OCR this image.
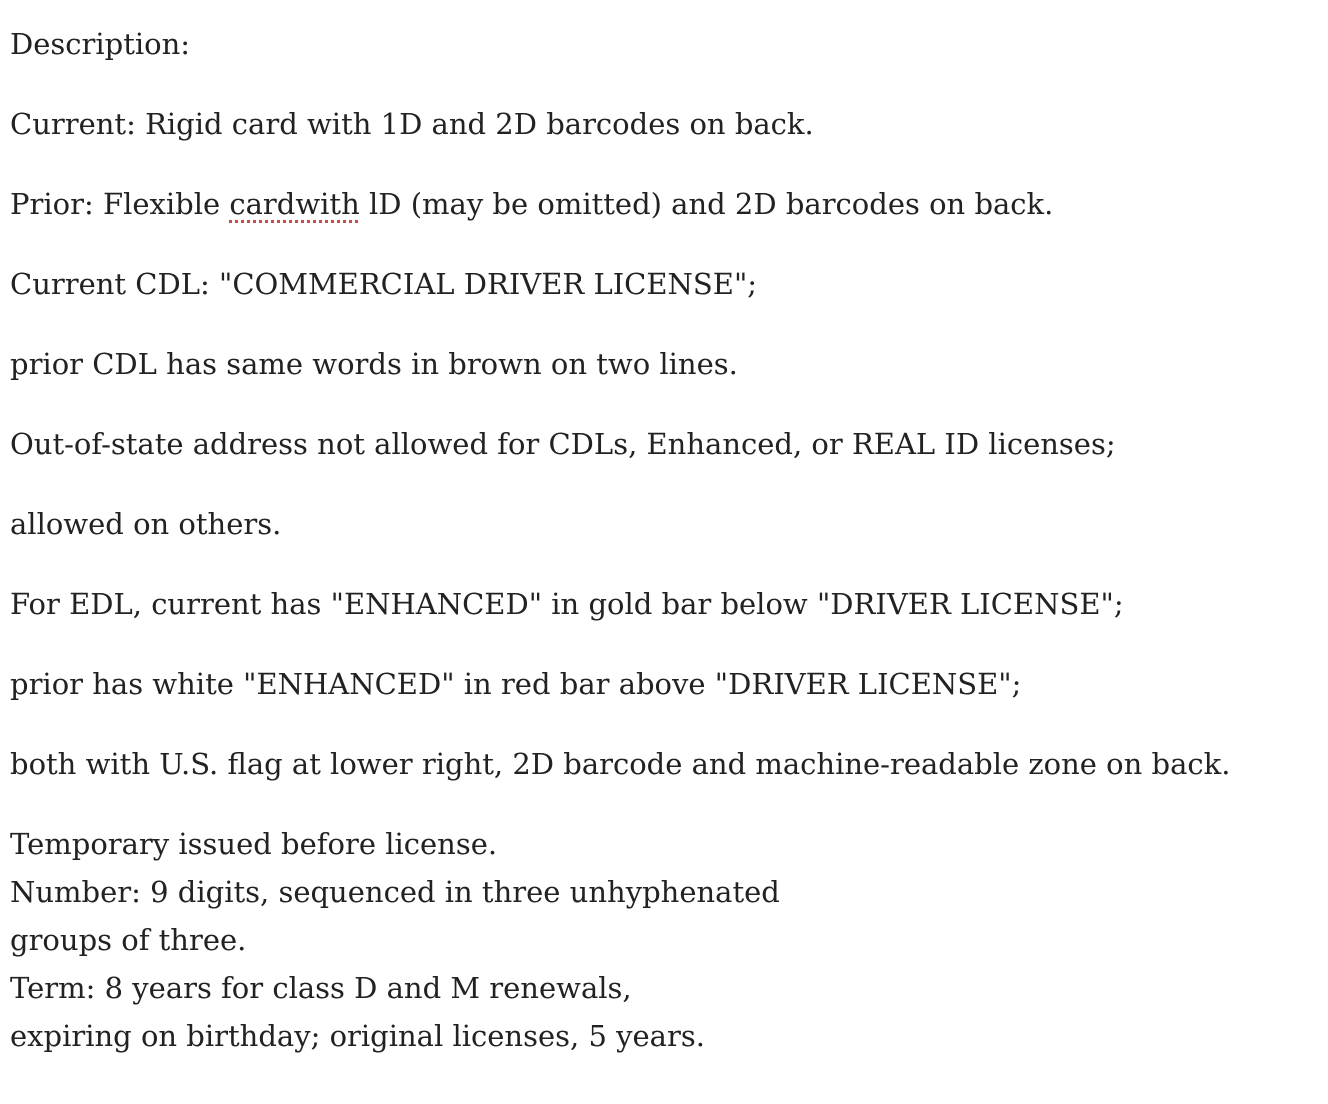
Description:
Current: Rigid card with 1D and 2D barcodes on back.
Prior: Flexible cardwith lD (may be omitted) and 2D barcodes on back.
Current CDL: "COMMERCIAL DRIVER LICENSE";
prior CDL has same words in brown on two lines.
Out-of-state address not allowed for CDLs, Enhanced, or REAL ID licenses;
allowed on others.
For EDL, current has "ENHANCED" in gold bar below "DRIVER LICENSE";
prior has white "ENHANCED" in red bar above "DRIVER LICENSE";
both with U.S. flag at lower right, 2D barcode and machine-readable zone on back.
Temporary issued before license.
Number: 9 digits, sequenced in three unhyphenated
groups of three.
Term: 8 years for class D and M renewals,
expiring on birthday; original licenses, 5 years.
